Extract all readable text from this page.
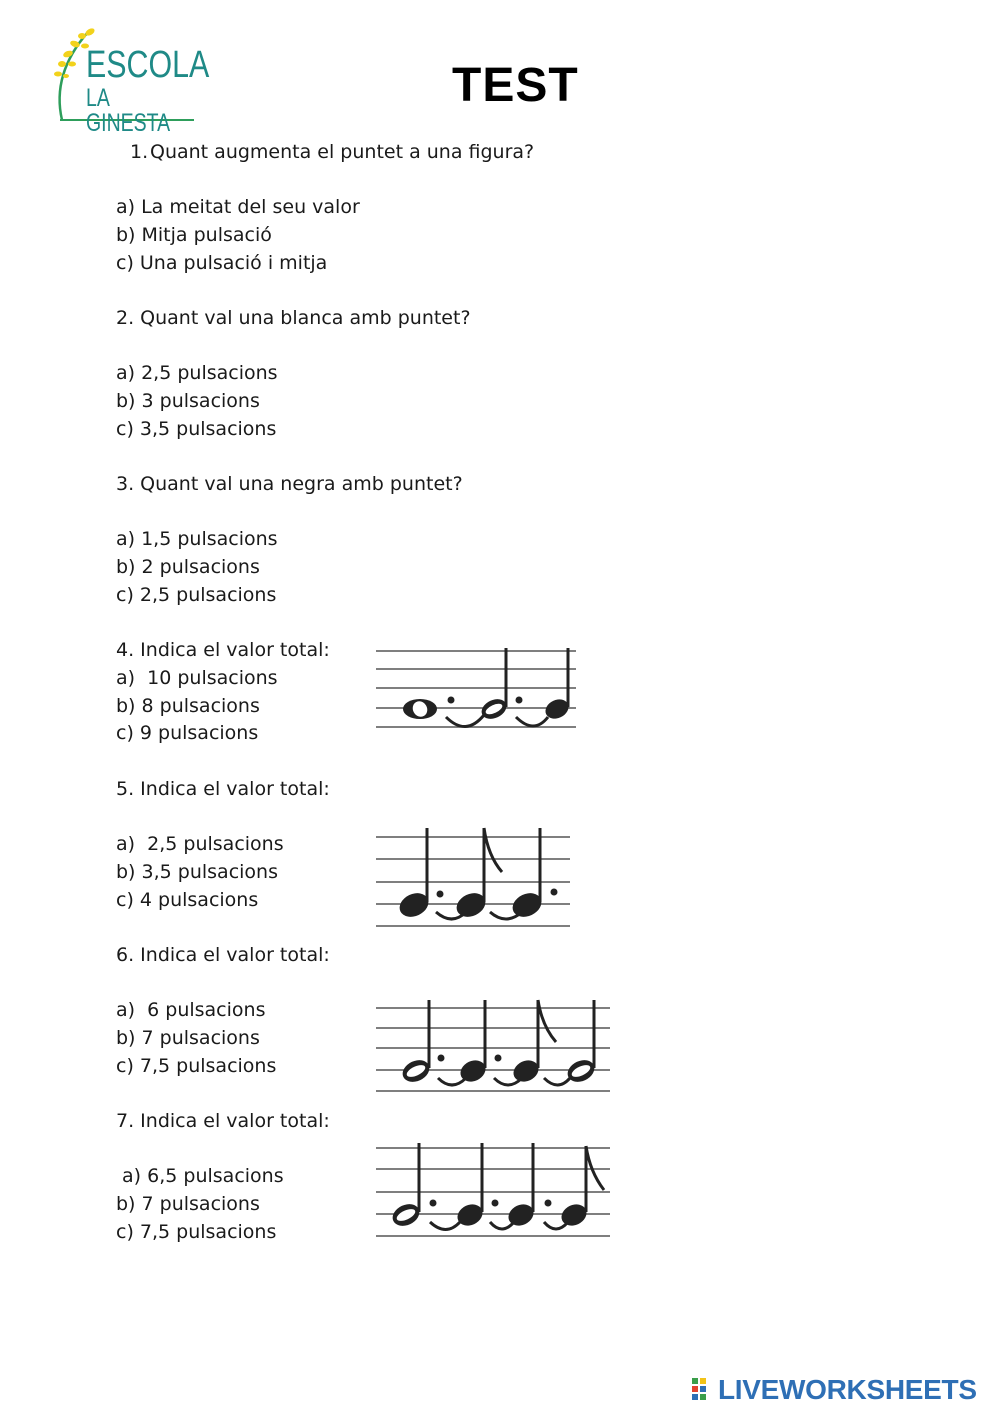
ESCOLA
LA GINESTA
TEST
1.Quant augmenta el puntet a una figura?
a) La meitat del seu valor
b) Mitja pulsació
c) Una pulsació i mitja
2. Quant val una blanca amb puntet?
a) 2,5 pulsacions
b) 3 pulsacions
c) 3,5 pulsacions
3. Quant val una negra amb puntet?
a) 1,5 pulsacions
b) 2 pulsacions
c) 2,5 pulsacions
4. Indica el valor total:
a)  10 pulsacions
b) 8 pulsacions
c) 9 pulsacions
5. Indica el valor total:
a)  2,5 pulsacions
b) 3,5 pulsacions
c) 4 pulsacions
6. Indica el valor total:
a)  6 pulsacions
b) 7 pulsacions
c) 7,5 pulsacions
7. Indica el valor total:
a) 6,5 pulsacions
b) 7 pulsacions
c) 7,5 pulsacions
LIVEWORKSHEETS
